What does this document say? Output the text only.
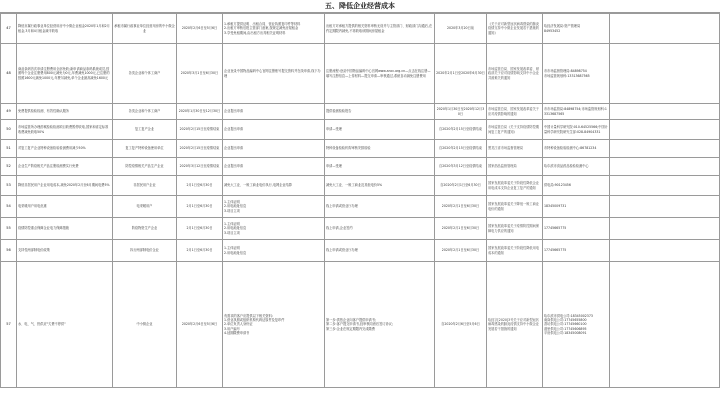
五、降低企业经营成本
47	降低市属行政事业单位经营用房中小微企业租金2020年1月和2月租金,3月和4月租金减半收取	承租市属行政事业单位经营用房的中小微企业	2020年2月6日至5月6日	1.承租方提供证明、出租合同、营业执照复印件等材料
2.出租方审核后报主管部门备案,按规定减免房屋租金
3.享受免租期间,由出租方出具相关证明材料	出租方对承租方提供的相关资料审核无误并与主管部门、财政部门沟通后,在约定期限内减免,不再收取该期间房屋租金	2020年3月20日前	《关于应对新型冠状病毒感染的肺炎疫情支持中小微企业发展若干措施的通知》	哈经济发展局:资产管理局
84953452	

48	商品条码首次申请注册费用全部免收;新申请商品条码系统成员,按照每个企业注册费用800元减免为0元,年费减免1000元,已注册的按照1600元减免1000元,年费另减免,单个企业最高减免1600元	各类企业和个体工商户	2020年3月1日至6月30日	企业登录中国物品编码中心官网注册账号提交资料并在线申请,线下办理	注册流程:登录中国物品编码中心官网www.ancc.org.cn—点击在线注册—填写注册信息—上传材料—提交申请—审核通过,系统自动减免注册费用	2020年2月1日至2020年6月30日	市场监管总局、国家发展改革委、财政部关于应对疫情影响支持中小企业共渡难关的通知	市市场监督管理局:84898754
市场监管规划科:13313687565	

49	免费提供检验检测、有效性确认服务	各类企业和个体工商户	2020年1月30日至12月30日	企业提出申请	提供检测检验报告	2020年1月30日至2020年12月30日	市场监管总局、国家发展改革委关于应对疫情影响的通知	市市场监管局:84898754;市场监管规划科:13313687565	

50	市场监管所办理药械检验检测项目收费暂停收取,国家和省定标准收费减免收取50%	复工复产企业	2020年2月15日至疫情结束	企业提出申请	申请—受理	自2020年2月15日至疫情结束	市场监管总局《关于支持疫情防控期间复工复产的通知》	中国计量科学研究院:010-64525566;中国计量科学研究院研究生部:028-84904331	

51	对复工复产企业特种设备检验检测费用减少50%	复工复产特种设备使用单位	2020年2月15日至疫情结束	企业提出申请	特种设备检验机构审核安排检验	自2020年2月15日至疫情结束	黑龙江省市场监督管理局	市特种设备检验检测中心:86781234	

52	企业生产防疫相关产品注册检测费实行免费	防控疫情相关产品生产企业	2020年3月12日至疫情结束	企业提出申请	申请—受理	自2020年3月12日至疫情结束	国家药品监督管理局	哈尔滨市食品药品检验检测中心	

53	降低非居民用户企业用电成本,减免2020年2月至6月期间电费5%	非居民用户企业	2月1日至6月30日	减免大工业、一般工商业电价执行,电网企业结算	减免大工业、一般工商业及其他电价5%	自2020年2月1日至6月30日	国家发展改革委关于阶段性降低企业用电成本支持企业复工复产的通知	供电局:90123456	

54	电采暖用户用电优惠	电采暖用户	2月1日至6月30日	1.主体证明
2.用电地址信息
3.项目立项	线上申请或营业厅办理	2020年2月1日至6月30日	国家发展改革委关于降低一般工商业电价的通知	18345009731	

55	疫情防控重点保障企业电力保障措施	防疫物资生产企业	2月1日至6月30日	1.主体证明
2.用电地址信息
3.项目立项	线上申请,企业签约	2020年2月1日至6月30日	国家发展改革委关于疫情防控期间保障电力供应的通知	17745665775	

56	支持性两部制电价政策	执行两部制电价企业	2月1日至6月30日	1.主体证明
2.用电地址信息	线上申请或营业厅办理	2020年2月1日至6月30日	国家发展改革委关于阶段性降低用电成本的通知	17745665775	

57	水、电、气、热供应"欠费不停供"	中小微企业	2020年2月6日至5月6日	有需求的客户应提供以下相关资料:
1.营业执照或组织机构代码证原件及复印件
2.单位负责人身份证
3.用户编号
4.延期缴费申请书	第一步:供热企业向客户提供申请书;
第二步:客户提交申请书,经审核同意后签订协议;
第三步:企业在规定期限内完成缴费	自2020年2月6日至5月6日	哈经字[2020]3号关于应对新型冠状病毒感染的肺炎疫情支持中小微企业发展若干措施的通知	哈尔滨市供电公司:18345002373
南岗供电公司:17745655800
香坊供电公司:17745660100
道里供电公司:17745606895
平房供电公司:18345008091	
